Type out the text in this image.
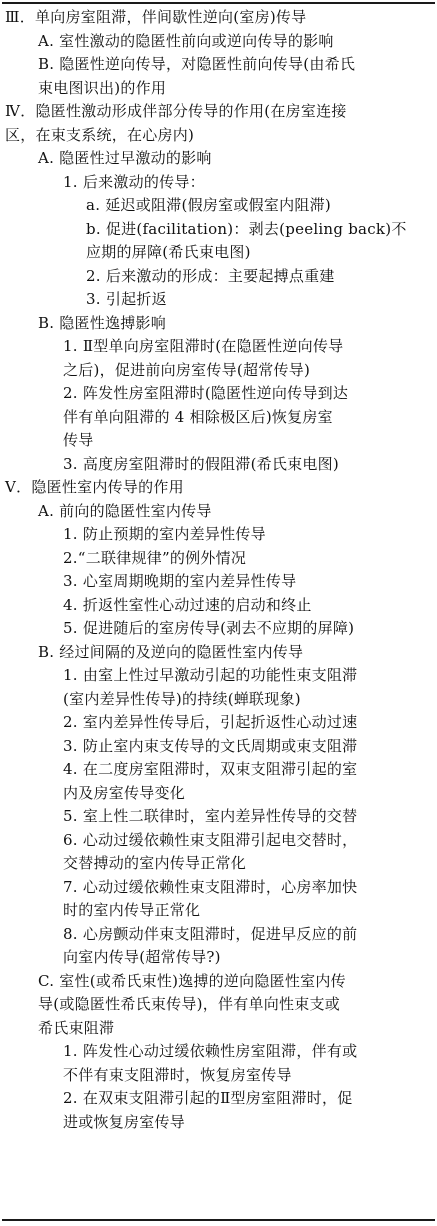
Ⅲ．单向房室阻滞，伴间歇性逆向(室房)传导
A. 室性激动的隐匿性前向或逆向传导的影响
B. 隐匿性逆向传导，对隐匿性前向传导(由希氏
束电图识出)的作用
Ⅳ．隐匿性激动形成伴部分传导的作用(在房室连接
区，在束支系统，在心房内)
A. 隐匿性过早激动的影响
1. 后来激动的传导：
a. 延迟或阻滞(假房室或假室内阻滞)
b. 促进(facilitation)：剥去(peeling back)不
应期的屏障(希氏束电图)
2. 后来激动的形成：主要起搏点重建
3. 引起折返
B. 隐匿性逸搏影响
1. Ⅱ型单向房室阻滞时(在隐匿性逆向传导
之后)，促进前向房室传导(超常传导)
2. 阵发性房室阻滞时(隐匿性逆向传导到达
伴有单向阻滞的 4 相除极区后)恢复房室
传导
3. 高度房室阻滞时的假阻滞(希氏束电图)
Ⅴ．隐匿性室内传导的作用
A. 前向的隐匿性室内传导
1. 防止预期的室内差异性传导
2.“二联律规律”的例外情况
3. 心室周期晚期的室内差异性传导
4. 折返性室性心动过速的启动和终止
5. 促进随后的室房传导(剥去不应期的屏障)
B. 经过间隔的及逆向的隐匿性室内传导
1. 由室上性过早激动引起的功能性束支阻滞
(室内差异性传导)的持续(蝉联现象)
2. 室内差异性传导后，引起折返性心动过速
3. 防止室内束支传导的文氏周期或束支阻滞
4. 在二度房室阻滞时，双束支阻滞引起的室
内及房室传导变化
5. 室上性二联律时，室内差异性传导的交替
6. 心动过缓依赖性束支阻滞引起电交替时，
交替搏动的室内传导正常化
7. 心动过缓依赖性束支阻滞时，心房率加快
时的室内传导正常化
8. 心房颤动伴束支阻滞时，促进早反应的前
向室内传导(超常传导?)
C. 室性(或希氏束性)逸搏的逆向隐匿性室内传
导(或隐匿性希氏束传导)，伴有单向性束支或
希氏束阻滞
1. 阵发性心动过缓依赖性房室阻滞，伴有或
不伴有束支阻滞时，恢复房室传导
2. 在双束支阻滞引起的Ⅱ型房室阻滞时，促
进或恢复房室传导
